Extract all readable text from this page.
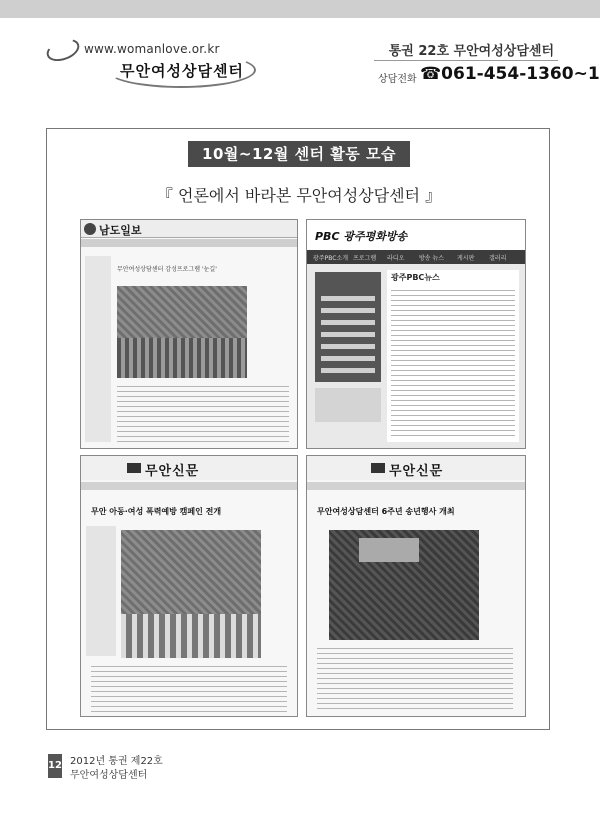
www.womanlove.or.kr
무안여성상담센터
통권 22호 무안여성상담센터
상담전화 ☎061-454-1360~1
10월~12월 센터 활동 모습
『 언론에서 바라본 무안여성상담센터 』
남도일보
무안여성상담센터 감성프로그램 '눈길'
PBC 광주평화방송
광주PBC소개 프로그램 라디오 방송 뉴스 게시판 갤러리
광주PBC뉴스
무안신문
무안 아동·여성 폭력예방 캠페인 전개
무안신문
무안여성상담센터 6주년 송년행사 개최
12 2012년 통권 제22호
무안여성상담센터
